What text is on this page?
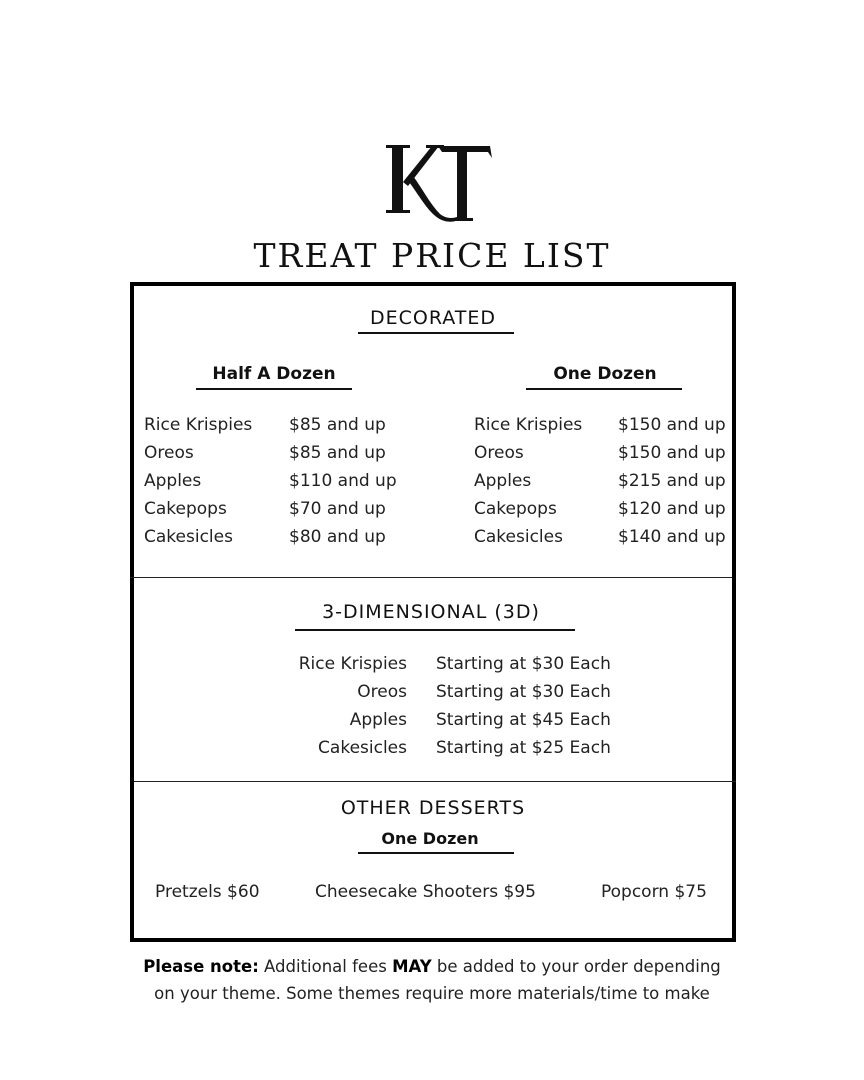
TREAT PRICE LIST
DECORATED
Half A Dozen	One Dozen
Rice Krispies $85 and up
Oreos	$85 and up
Apples	$110 and up
Cakepops	$70 and up
Cakesicles	$80 and up
Rice Krispies $150 and up
Oreos	$150 and up
Apples	$215 and up
Cakepops	$120 and up
Cakesicles	$140 and up
3-DIMENSIONAL (3D)
Rice Krispies Starting at $30 Each
Oreos Starting at $30 Each
Apples Starting at $45 Each
Cakesicles Starting at $25 Each
OTHER DESSERTS
One Dozen
Pretzels $60	Cheesecake Shooters $95	Popcorn $75
Please note: Additional fees MAY be added to your order depending
on your theme. Some themes require more materials/time to make
